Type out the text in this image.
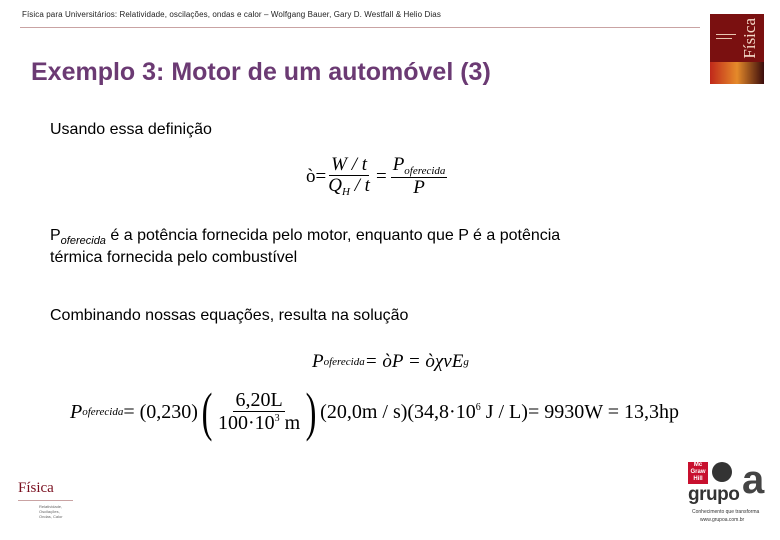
Física para Universitários: Relatividade, oscilações, ondas e calor – Wolfgang Bauer, Gary D. Westfall & Helio Dias
Física
Exemplo 3: Motor de um automóvel (3)
Usando essa definição
ò= $\frac{W / t}{Q_H / t} = \frac{P_{oferecida}}{P}$
$P_{oferecida}$ é a potência fornecida pelo motor, enquanto que P é a potência
térmica fornecida pelo combustível
Combinando nossas equações, resulta na solução
P oferecida = òP = òχvE g
P oferecida = (0,230) ( $\frac{6,20L}{100\cdot 10^3 m}$ ) (20,0m / s) ($34,8\cdot 10^6$ J / L) = 9930W = 13,3hp
Física
Relatividade, Oscilações, Ondas, Calor
Mc Graw Hill
grupo a
Conhecimento que transforma
www.grupoa.com.br
